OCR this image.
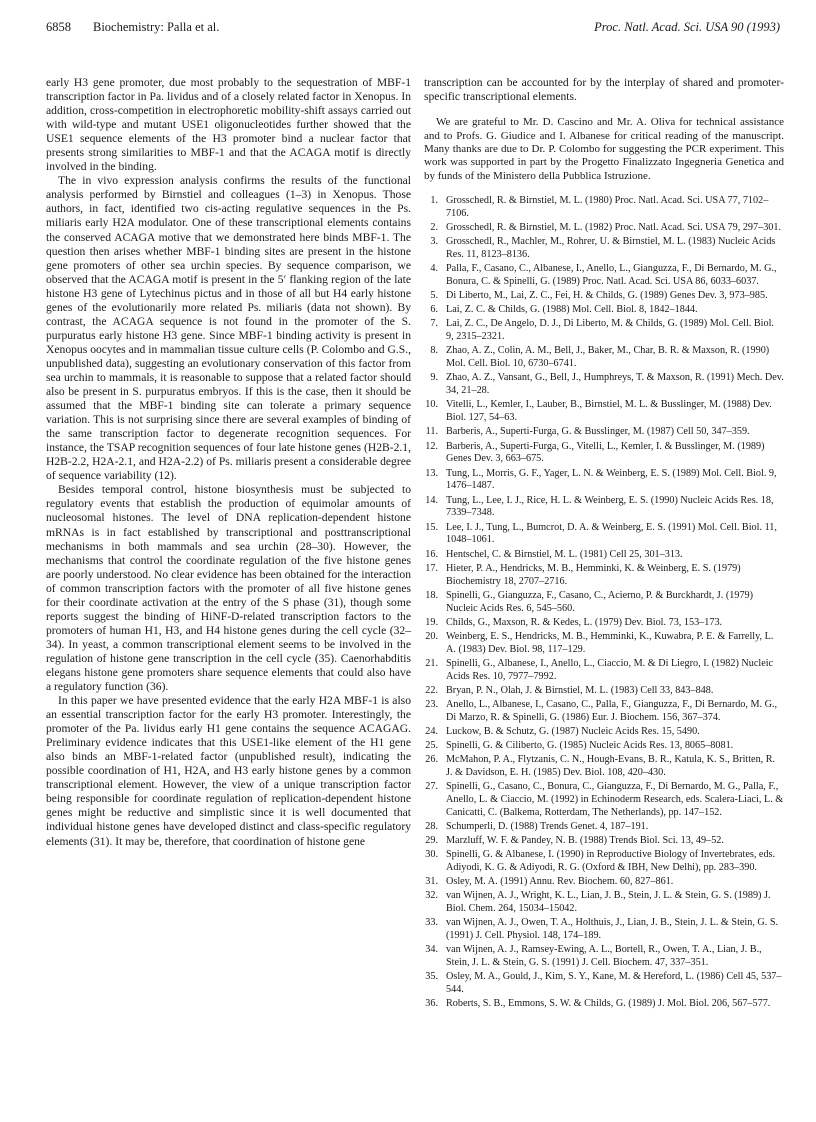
6858 Biochemistry: Palla et al.	Proc. Natl. Acad. Sci. USA 90 (1993)

early H3 gene promoter, due most probably to the sequestration of MBF-1 transcription factor in Pa. lividus and of a closely related factor in Xenopus. In addition, cross-competition in electrophoretic mobility-shift assays carried out with wild-type and mutant USE1 oligonucleotides further showed that the USE1 sequence elements of the H3 promoter bind a nuclear factor that presents strong similarities to MBF-1 and that the ACAGA motif is directly involved in the binding.

The in vivo expression analysis confirms the results of the functional analysis performed by Birnstiel and colleagues (1–3) in Xenopus. Those authors, in fact, identified two cis-acting regulative sequences in the Ps. miliaris early H2A modulator. One of these transcriptional elements contains the conserved ACAGA motive that we demonstrated here binds MBF-1. The question then arises whether MBF-1 binding sites are present in the histone gene promoters of other sea urchin species. By sequence comparison, we observed that the ACAGA motif is present in the 5′ flanking region of the late histone H3 gene of Lytechinus pictus and in those of all but H4 early histone genes of the evolutionarily more related Ps. miliaris (data not shown). By contrast, the ACAGA sequence is not found in the promoter of the S. purpuratus early histone H3 gene. Since MBF-1 binding activity is present in Xenopus oocytes and in mammalian tissue culture cells (P. Colombo and G.S., unpublished data), suggesting an evolutionary conservation of this factor from sea urchin to mammals, it is reasonable to suppose that a related factor should also be present in S. purpuratus embryos. If this is the case, then it should be assumed that the MBF-1 binding site can tolerate a primary sequence variation. This is not surprising since there are several examples of binding of the same transcription factor to degenerate recognition sequences. For instance, the TSAP recognition sequences of four late histone genes (H2B-2.1, H2B-2.2, H2A-2.1, and H2A-2.2) of Ps. miliaris present a considerable degree of sequence variability (12).

Besides temporal control, histone biosynthesis must be subjected to regulatory events that establish the production of equimolar amounts of nucleosomal histones. The level of DNA replication-dependent histone mRNAs is in fact established by transcriptional and posttranscriptional mechanisms in both mammals and sea urchin (28–30). However, the mechanisms that control the coordinate regulation of the five histone genes are poorly understood. No clear evidence has been obtained for the interaction of common transcription factors with the promoter of all five histone genes for their coordinate activation at the entry of the S phase (31), though some reports suggest the binding of HiNF-D-related transcription factors to the promoters of human H1, H3, and H4 histone genes during the cell cycle (32–34). In yeast, a common transcriptional element seems to be involved in the regulation of histone gene transcription in the cell cycle (35). Caenorhabditis elegans histone gene promoters share sequence elements that could also have a regulatory function (36).

In this paper we have presented evidence that the early H2A MBF-1 is also an essential transcription factor for the early H3 promoter. Interestingly, the promoter of the Pa. lividus early H1 gene contains the sequence ACAGAG. Preliminary evidence indicates that this USE1-like element of the H1 gene also binds an MBF-1-related factor (unpublished result), indicating the possible coordination of H1, H2A, and H3 early histone genes by a common transcriptional element. However, the view of a unique transcription factor being responsible for coordinate regulation of replication-dependent histone genes might be reductive and simplistic since it is well documented that individual histone genes have developed distinct and class-specific regulatory elements (31). It may be, therefore, that coordination of histone gene

transcription can be accounted for by the interplay of shared and promoter-specific transcriptional elements.

We are grateful to Mr. D. Cascino and Mr. A. Oliva for technical assistance and to Profs. G. Giudice and I. Albanese for critical reading of the manuscript. Many thanks are due to Dr. P. Colombo for suggesting the PCR experiment. This work was supported in part by the Progetto Finalizzato Ingegneria Genetica and by funds of the Ministero della Pubblica Istruzione.

1. Grosschedl, R. & Birnstiel, M. L. (1980) Proc. Natl. Acad. Sci. USA 77, 7102–7106.
2. Grosschedl, R. & Birnstiel, M. L. (1982) Proc. Natl. Acad. Sci. USA 79, 297–301.
3. Grosschedl, R., Machler, M., Rohrer, U. & Birnstiel, M. L. (1983) Nucleic Acids Res. 11, 8123–8136.
4. Palla, F., Casano, C., Albanese, I., Anello, L., Gianguzza, F., Di Bernardo, M. G., Bonura, C. & Spinelli, G. (1989) Proc. Natl. Acad. Sci. USA 86, 6033–6037.
5. Di Liberto, M., Lai, Z. C., Fei, H. & Childs, G. (1989) Genes Dev. 3, 973–985.
6. Lai, Z. C. & Childs, G. (1988) Mol. Cell. Biol. 8, 1842–1844.
7. Lai, Z. C., De Angelo, D. J., Di Liberto, M. & Childs, G. (1989) Mol. Cell. Biol. 9, 2315–2321.
8. Zhao, A. Z., Colin, A. M., Bell, J., Baker, M., Char, B. R. & Maxson, R. (1990) Mol. Cell. Biol. 10, 6730–6741.
9. Zhao, A. Z., Vansant, G., Bell, J., Humphreys, T. & Maxson, R. (1991) Mech. Dev. 34, 21–28.
10. Vitelli, L., Kemler, I., Lauber, B., Birnstiel, M. L. & Busslinger, M. (1988) Dev. Biol. 127, 54–63.
11. Barberis, A., Superti-Furga, G. & Busslinger, M. (1987) Cell 50, 347–359.
12. Barberis, A., Superti-Furga, G., Vitelli, L., Kemler, I. & Busslinger, M. (1989) Genes Dev. 3, 663–675.
13. Tung, L., Morris, G. F., Yager, L. N. & Weinberg, E. S. (1989) Mol. Cell. Biol. 9, 1476–1487.
14. Tung, L., Lee, I. J., Rice, H. L. & Weinberg, E. S. (1990) Nucleic Acids Res. 18, 7339–7348.
15. Lee, I. J., Tung, L., Bumcrot, D. A. & Weinberg, E. S. (1991) Mol. Cell. Biol. 11, 1048–1061.
16. Hentschel, C. & Birnstiel, M. L. (1981) Cell 25, 301–313.
17. Hieter, P. A., Hendricks, M. B., Hemminki, K. & Weinberg, E. S. (1979) Biochemistry 18, 2707–2716.
18. Spinelli, G., Gianguzza, F., Casano, C., Acierno, P. & Burckhardt, J. (1979) Nucleic Acids Res. 6, 545–560.
19. Childs, G., Maxson, R. & Kedes, L. (1979) Dev. Biol. 73, 153–173.
20. Weinberg, E. S., Hendricks, M. B., Hemminki, K., Kuwabra, P. E. & Farrelly, L. A. (1983) Dev. Biol. 98, 117–129.
21. Spinelli, G., Albanese, I., Anello, L., Ciaccio, M. & Di Liegro, I. (1982) Nucleic Acids Res. 10, 7977–7992.
22. Bryan, P. N., Olah, J. & Birnstiel, M. L. (1983) Cell 33, 843–848.
23. Anello, L., Albanese, I., Casano, C., Palla, F., Gianguzza, F., Di Bernardo, M. G., Di Marzo, R. & Spinelli, G. (1986) Eur. J. Biochem. 156, 367–374.
24. Luckow, B. & Schutz, G. (1987) Nucleic Acids Res. 15, 5490.
25. Spinelli, G. & Ciliberto, G. (1985) Nucleic Acids Res. 13, 8065–8081.
26. McMahon, P. A., Flytzanis, C. N., Hough-Evans, B. R., Katula, K. S., Britten, R. J. & Davidson, E. H. (1985) Dev. Biol. 108, 420–430.
27. Spinelli, G., Casano, C., Bonura, C., Gianguzza, F., Di Bernardo, M. G., Palla, F., Anello, L. & Ciaccio, M. (1992) in Echinoderm Research, eds. Scalera-Liaci, L. & Canicatti, C. (Balkema, Rotterdam, The Netherlands), pp. 147–152.
28. Schumperli, D. (1988) Trends Genet. 4, 187–191.
29. Marzluff, W. F. & Pandey, N. B. (1988) Trends Biol. Sci. 13, 49–52.
30. Spinelli, G. & Albanese, I. (1990) in Reproductive Biology of Invertebrates, eds. Adiyodi, K. G. & Adiyodi, R. G. (Oxford & IBH, New Delhi), pp. 283–390.
31. Osley, M. A. (1991) Annu. Rev. Biochem. 60, 827–861.
32. van Wijnen, A. J., Wright, K. L., Lian, J. B., Stein, J. L. & Stein, G. S. (1989) J. Biol. Chem. 264, 15034–15042.
33. van Wijnen, A. J., Owen, T. A., Holthuis, J., Lian, J. B., Stein, J. L. & Stein, G. S. (1991) J. Cell. Physiol. 148, 174–189.
34. van Wijnen, A. J., Ramsey-Ewing, A. L., Bortell, R., Owen, T. A., Lian, J. B., Stein, J. L. & Stein, G. S. (1991) J. Cell. Biochem. 47, 337–351.
35. Osley, M. A., Gould, J., Kim, S. Y., Kane, M. & Hereford, L. (1986) Cell 45, 537–544.
36. Roberts, S. B., Emmons, S. W. & Childs, G. (1989) J. Mol. Biol. 206, 567–577.
